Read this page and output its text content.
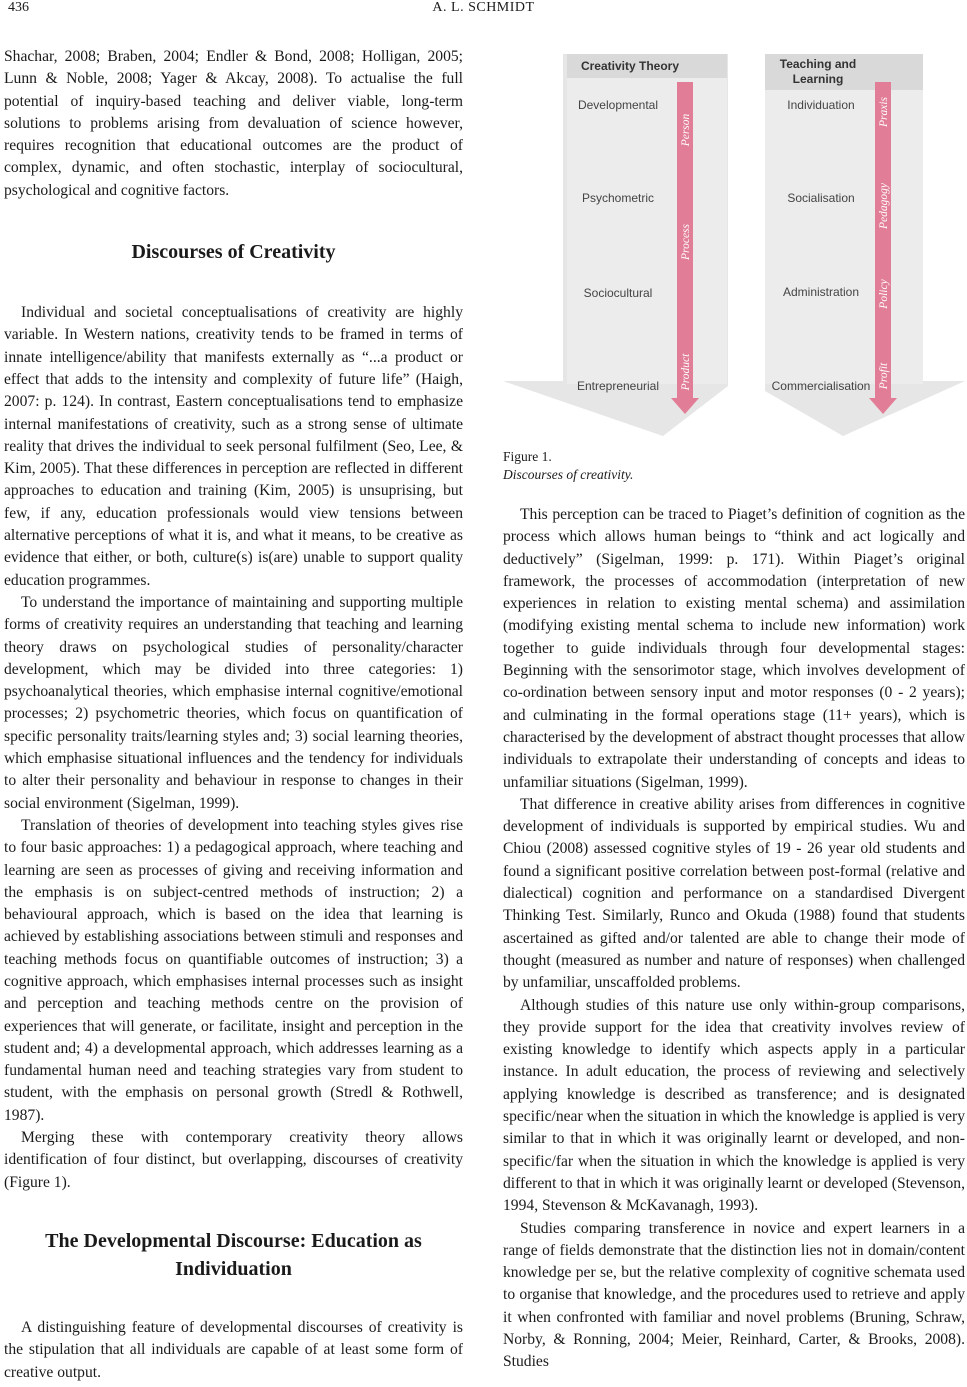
436	A. L. SCHMIDT

Shachar, 2008; Braben, 2004; Endler & Bond, 2008; Holligan, 2005; Lunn & Noble, 2008; Yager & Akcay, 2008). To actualise the full potential of inquiry-based teaching and deliver viable, long-term solutions to problems arising from devaluation of science however, requires recognition that educational outcomes are the product of complex, dynamic, and often stochastic, interplay of sociocultural, psychological and cognitive factors.

Discourses of Creativity

Individual and societal conceptualisations of creativity are highly variable. In Western nations, creativity tends to be framed in terms of innate intelligence/ability that manifests externally as “...a product or effect that adds to the intensity and complexity of future life” (Haigh, 2007: p. 124). In contrast, Eastern conceptualisations tend to emphasize internal manifestations of creativity, such as a strong sense of ultimate reality that drives the individual to seek personal fulfilment (Seo, Lee, & Kim, 2005). That these differences in perception are reflected in different approaches to education and training (Kim, 2005) is unsuprising, but few, if any, education professionals would view tensions between alternative perceptions of what it is, and what it means, to be creative as evidence that either, or both, culture(s) is(are) unable to support quality education programmes.

To understand the importance of maintaining and supporting multiple forms of creativity requires an understanding that teaching and learning theory draws on psychological studies of personality/character development, which may be divided into three categories: 1) psychoanalytical theories, which emphasise internal cognitive/emotional processes; 2) psychometric theories, which focus on quantification of specific personality traits/learning styles and; 3) social learning theories, which emphasise situational influences and the tendency for individuals to alter their personality and behaviour in response to changes in their social environment (Sigelman, 1999).

Translation of theories of development into teaching styles gives rise to four basic approaches: 1) a pedagogical approach, where teaching and learning are seen as processes of giving and receiving information and the emphasis is on subject-centred methods of instruction; 2) a behavioural approach, which is based on the idea that learning is achieved by establishing associations between stimuli and responses and teaching methods focus on quantifiable outcomes of instruction; 3) a cognitive approach, which emphasises internal processes such as insight and perception and teaching methods centre on the provision of experiences that will generate, or facilitate, insight and perception in the student and; 4) a developmental approach, which addresses learning as a fundamental human need and teaching strategies vary from student to student, with the emphasis on personal growth (Stredl & Rothwell, 1987).

Merging these with contemporary creativity theory allows identification of four distinct, but overlapping, discourses of creativity (Figure 1).

The Developmental Discourse: Education as Individuation

A distinguishing feature of developmental discourses of creativity is the stipulation that all individuals are capable of at least some form of creative output.

Creativity Theory
Developmental
Psychometric
Sociocultural
Entrepreneurial
Person
Process
Product
Teaching and
Learning
Individuation
Socialisation
Administration
Commercialisation
Praxis
Pedagogy
Policy
Profit
Figure 1.
Discourses of creativity.

This perception can be traced to Piaget’s definition of cognition as the process which allows human beings to “think and act logically and deductively” (Sigelman, 1999: p. 171). Within Piaget’s original framework, the processes of accommodation (interpretation of new experiences in relation to existing mental schema) and assimilation (modifying existing mental schema to include new information) work together to guide individuals through four developmental stages: Beginning with the sensorimotor stage, which involves development of co-ordination between sensory input and motor responses (0 - 2 years); and culminating in the formal operations stage (11+ years), which is characterised by the development of abstract thought processes that allow individuals to extrapolate their understanding of concepts and ideas to unfamiliar situations (Sigelman, 1999).

That difference in creative ability arises from differences in cognitive development of individuals is supported by empirical studies. Wu and Chiou (2008) assessed cognitive styles of 19 - 26 year old students and found a significant positive correlation between post-formal (relative and dialectical) cognition and performance on a standardised Divergent Thinking Test. Similarly, Runco and Okuda (1988) found that students ascertained as gifted and/or talented are able to change their mode of thought (measured as number and nature of responses) when challenged by unfamiliar, unscaffolded problems.

Although studies of this nature use only within-group comparisons, they provide support for the idea that creativity involves review of existing knowledge to identify which aspects apply in a particular instance. In adult education, the process of reviewing and selectively applying knowledge is described as transference; and is designated specific/near when the situation in which the knowledge is applied is very similar to that in which it was originally learnt or developed, and non-specific/far when the situation in which the knowledge is applied is very different to that in which it was originally learnt or developed (Stevenson, 1994, Stevenson & McKavanagh, 1993).

Studies comparing transference in novice and expert learners in a range of fields demonstrate that the distinction lies not in domain/content knowledge per se, but the relative complexity of cognitive schemata used to organise that knowledge, and the procedures used to retrieve and apply it when confronted with familiar and novel problems (Bruning, Schraw, Norby, & Ronning, 2004; Meier, Reinhard, Carter, & Brooks, 2008). Studies
